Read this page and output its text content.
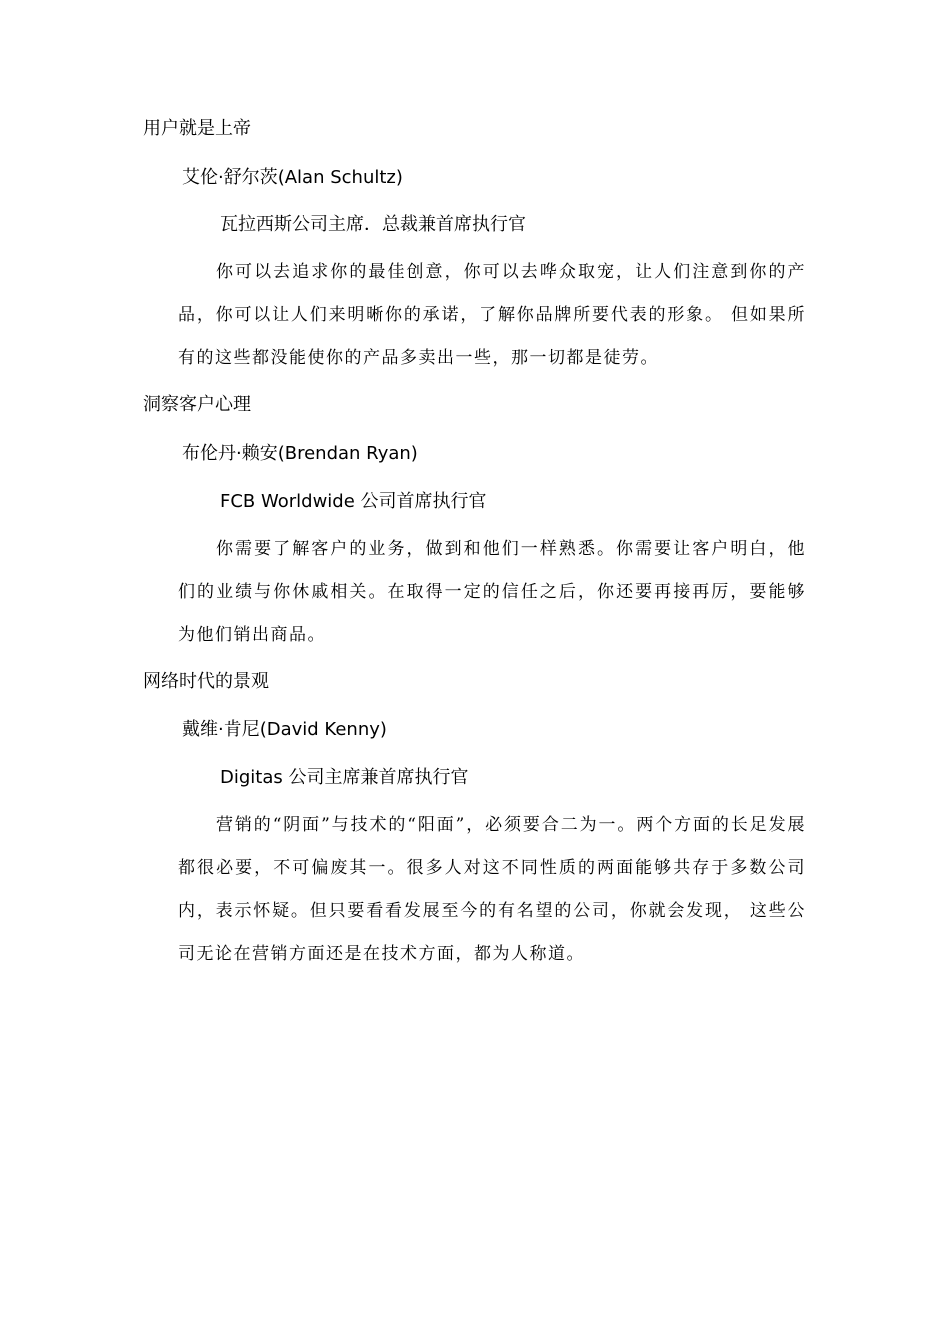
用户就是上帝
艾伦·舒尔茨(Alan Schultz)
瓦拉西斯公司主席．总裁兼首席执行官

你可以去追求你的最佳创意，你可以去哗众取宠，让人们注意到你的产品，你可以让人们来明晰你的承诺，了解你品牌所要代表的形象。 但如果所有的这些都没能使你的产品多卖出一些，那一切都是徒劳。

洞察客户心理
布伦丹·赖安(Brendan Ryan)
FCB Worldwide 公司首席执行官

你需要了解客户的业务，做到和他们一样熟悉。你需要让客户明白，他们的业绩与你休戚相关。在取得一定的信任之后，你还要再接再厉，要能够为他们销出商品。

网络时代的景观
戴维·肯尼(David Kenny)
Digitas 公司主席兼首席执行官

营销的“阴面”与技术的“阳面”，必须要合二为一。两个方面的长足发展都很必要，不可偏废其一。很多人对这不同性质的两面能够共存于多数公司内，表示怀疑。但只要看看发展至今的有名望的公司，你就会发现， 这些公司无论在营销方面还是在技术方面，都为人称道。
